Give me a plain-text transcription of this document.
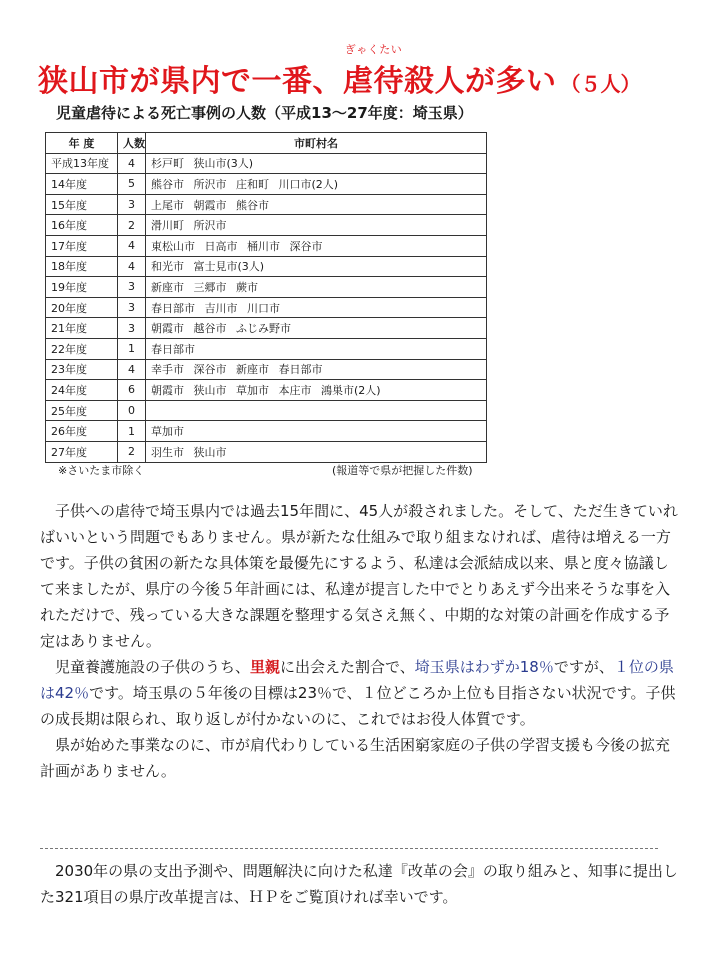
狭山市が県内で一番、
ぎゃくたい
虐待殺人が多い （５人）
児童虐待による死亡事例の人数（平成13～27年度：埼玉県）
年 度	人数	市町村名
平成13年度	4	杉戸町 狭山市(3人)
14年度	5	熊谷市 所沢市 庄和町 川口市(2人)
15年度	3	上尾市 朝霞市 熊谷市
16年度	2	滑川町 所沢市
17年度	4	東松山市 日高市 桶川市 深谷市
18年度	4	和光市 富士見市(3人)
19年度	3	新座市 三郷市 蕨市
20年度	3	春日部市 吉川市 川口市
21年度	3	朝霞市 越谷市 ふじみ野市
22年度	1	春日部市
23年度	4	幸手市 深谷市 新座市 春日部市
24年度	6	朝霞市 狭山市 草加市 本庄市 鴻巣市(2人)
25年度	0	
26年度	1	草加市
27年度	2	羽生市 狭山市
※さいたま市除く	(報道等で県が把握した件数)

子供への虐待で埼玉県内では過去15年間に、45人が殺されました。そして、ただ生きていればいいという問題でもありません。県が新たな仕組みで取り組まなければ、虐待は増える一方です。子供の貧困の新たな具体策を最優先にするよう、私達は会派結成以来、県と度々協議して来ましたが、県庁の今後５年計画には、私達が提言した中でとりあえず今出来そうな事を入れただけで、残っている大きな課題を整理する気さえ無く、中期的な対策の計画を作成する予定はありません。

児童養護施設の子供のうち、里親に出会えた割合で、埼玉県はわずか18％ですが、１位の県は42％です。埼玉県の５年後の目標は23％で、１位どころか上位も目指さない状況です。子供の成長期は限られ、取り返しが付かないのに、これではお役人体質です。

県が始めた事業なのに、市が肩代わりしている生活困窮家庭の子供の学習支援も今後の拡充計画がありません。

2030年の県の支出予測や、問題解決に向けた私達『改革の会』の取り組みと、知事に提出した321項目の県庁改革提言は、ＨＰをご覧頂ければ幸いです。
